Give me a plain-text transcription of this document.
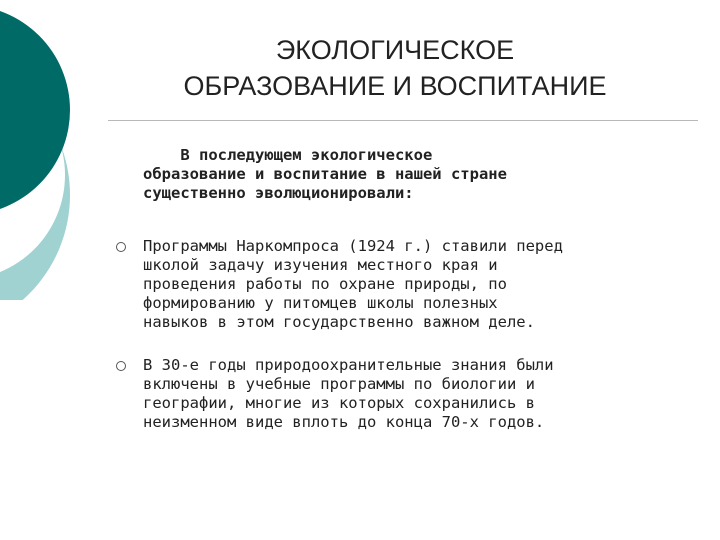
ЭКОЛОГИЧЕСКОЕ
ОБРАЗОВАНИЕ И ВОСПИТАНИЕ
В последующем экологическое
образование и воспитание в нашей стране
существенно эволюционировали:
Программы Наркомпроса (1924 г.) ставили перед
школой задачу изучения местного края и
проведения работы по охране природы, по
формированию у питомцев школы полезных
навыков в этом государственно важном деле.
В 30-е годы природоохранительные знания были
включены в учебные программы по биологии и
географии, многие из которых сохранились в
неизменном виде вплоть до конца 70-х годов.
